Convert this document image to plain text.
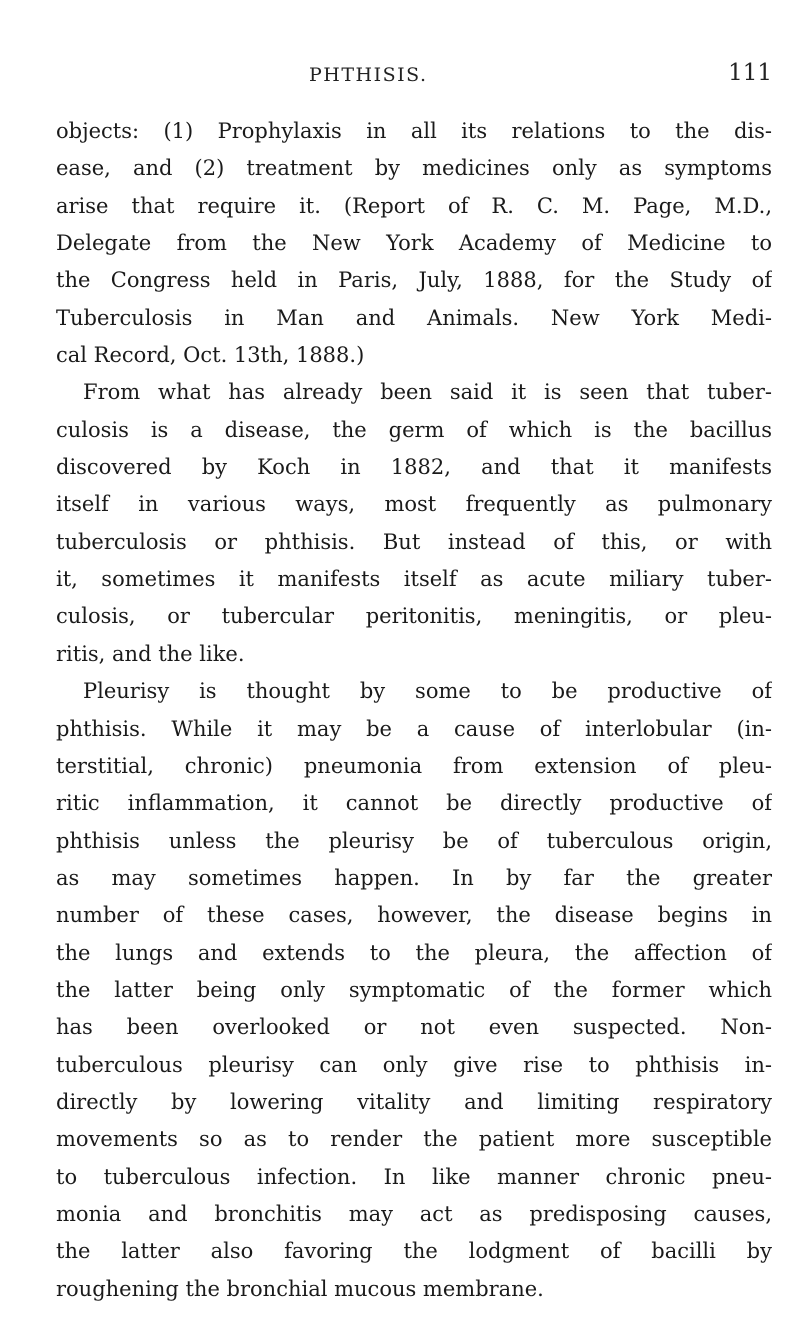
PHTHISIS.	111
objects: (1) Prophylaxis in all its relations to the dis-
ease, and (2) treatment by medicines only as symptoms
arise that require it. (Report of R. C. M. Page, M.D.,
Delegate from the New York Academy of Medicine to
the Congress held in Paris, July, 1888, for the Study of
Tuberculosis in Man and Animals. New York Medi-
cal Record, Oct. 13th, 1888.)
From what has already been said it is seen that tuber-
culosis is a disease, the germ of which is the bacillus
discovered by Koch in 1882, and that it manifests
itself in various ways, most frequently as pulmonary
tuberculosis or phthisis. But instead of this, or with
it, sometimes it manifests itself as acute miliary tuber-
culosis, or tubercular peritonitis, meningitis, or pleu-
ritis, and the like.
Pleurisy is thought by some to be productive of
phthisis. While it may be a cause of interlobular (in-
terstitial, chronic) pneumonia from extension of pleu-
ritic inflammation, it cannot be directly productive of
phthisis unless the pleurisy be of tuberculous origin,
as may sometimes happen. In by far the greater
number of these cases, however, the disease begins in
the lungs and extends to the pleura, the affection of
the latter being only symptomatic of the former which
has been overlooked or not even suspected. Non-
tuberculous pleurisy can only give rise to phthisis in-
directly by lowering vitality and limiting respiratory
movements so as to render the patient more susceptible
to tuberculous infection. In like manner chronic pneu-
monia and bronchitis may act as predisposing causes,
the latter also favoring the lodgment of bacilli by
roughening the bronchial mucous membrane.
